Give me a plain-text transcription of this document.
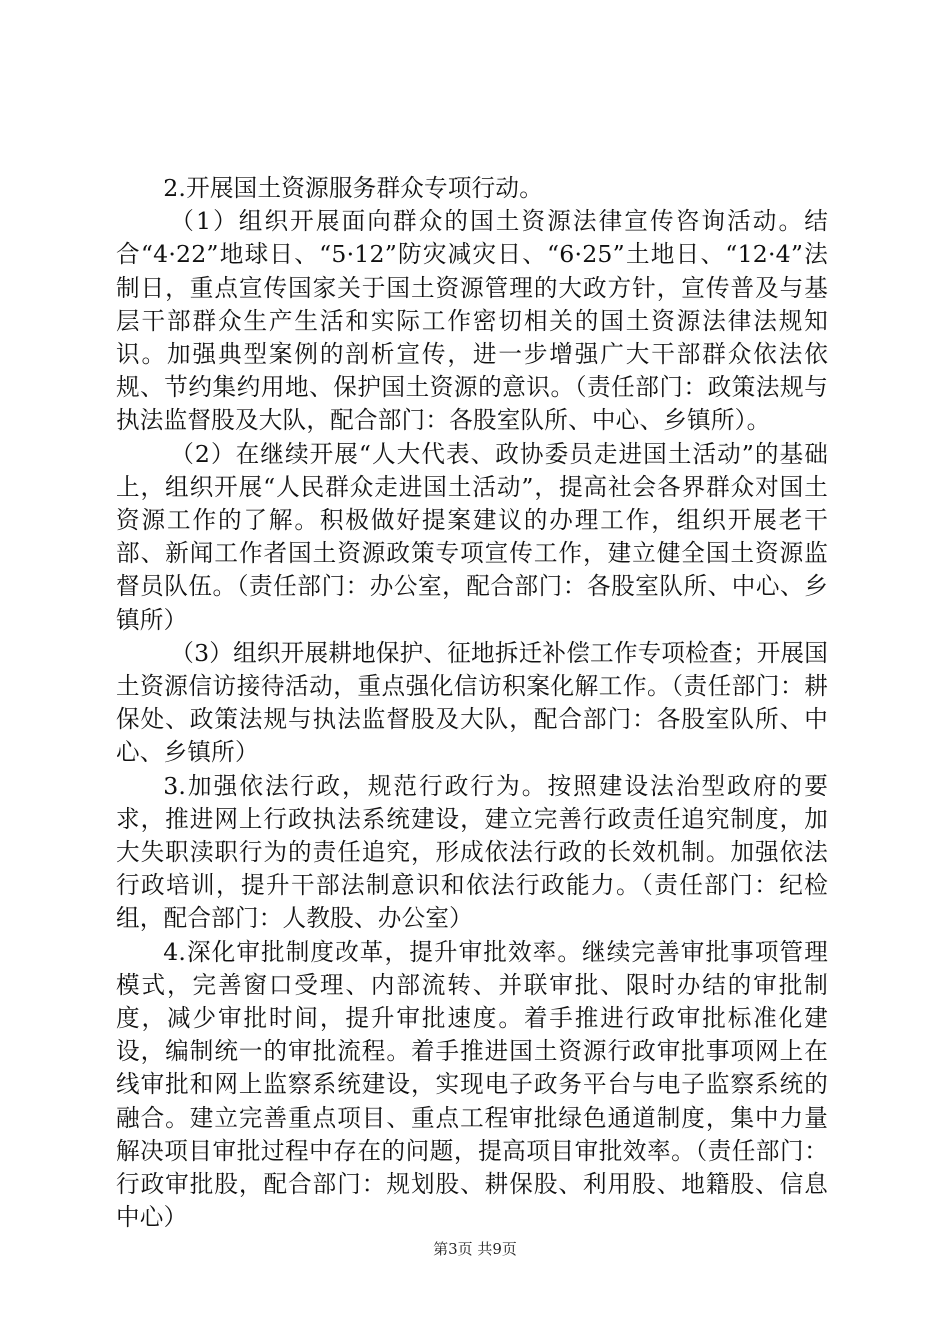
2.开展国土资源服务群众专项行动。

（1）组织开展面向群众的国土资源法律宣传咨询活动。结合“4·22”地球日、“5·12”防灾减灾日、“6·25”土地日、“12·4”法制日，重点宣传国家关于国土资源管理的大政方针，宣传普及与基层干部群众生产生活和实际工作密切相关的国土资源法律法规知识。加强典型案例的剖析宣传，进一步增强广大干部群众依法依规、节约集约用地、保护国土资源的意识。（责任部门：政策法规与执法监督股及大队，配合部门：各股室队所、中心、乡镇所）。

（2）在继续开展“人大代表、政协委员走进国土活动”的基础上，组织开展“人民群众走进国土活动”，提高社会各界群众对国土资源工作的了解。积极做好提案建议的办理工作，组织开展老干部、新闻工作者国土资源政策专项宣传工作，建立健全国土资源监督员队伍。（责任部门：办公室，配合部门：各股室队所、中心、乡镇所）

（3）组织开展耕地保护、征地拆迁补偿工作专项检查；开展国土资源信访接待活动，重点强化信访积案化解工作。（责任部门：耕保处、政策法规与执法监督股及大队，配合部门：各股室队所、中心、乡镇所）

3.加强依法行政，规范行政行为。按照建设法治型政府的要求，推进网上行政执法系统建设，建立完善行政责任追究制度，加大失职渎职行为的责任追究，形成依法行政的长效机制。加强依法行政培训，提升干部法制意识和依法行政能力。（责任部门：纪检组，配合部门：人教股、办公室）

4.深化审批制度改革，提升审批效率。继续完善审批事项管理模式，完善窗口受理、内部流转、并联审批、限时办结的审批制度，减少审批时间，提升审批速度。着手推进行政审批标准化建设，编制统一的审批流程。着手推进国土资源行政审批事项网上在线审批和网上监察系统建设，实现电子政务平台与电子监察系统的融合。建立完善重点项目、重点工程审批绿色通道制度，集中力量解决项目审批过程中存在的问题，提高项目审批效率。（责任部门：行政审批股，配合部门：规划股、耕保股、利用股、地籍股、信息中心）

第3页 共9页
